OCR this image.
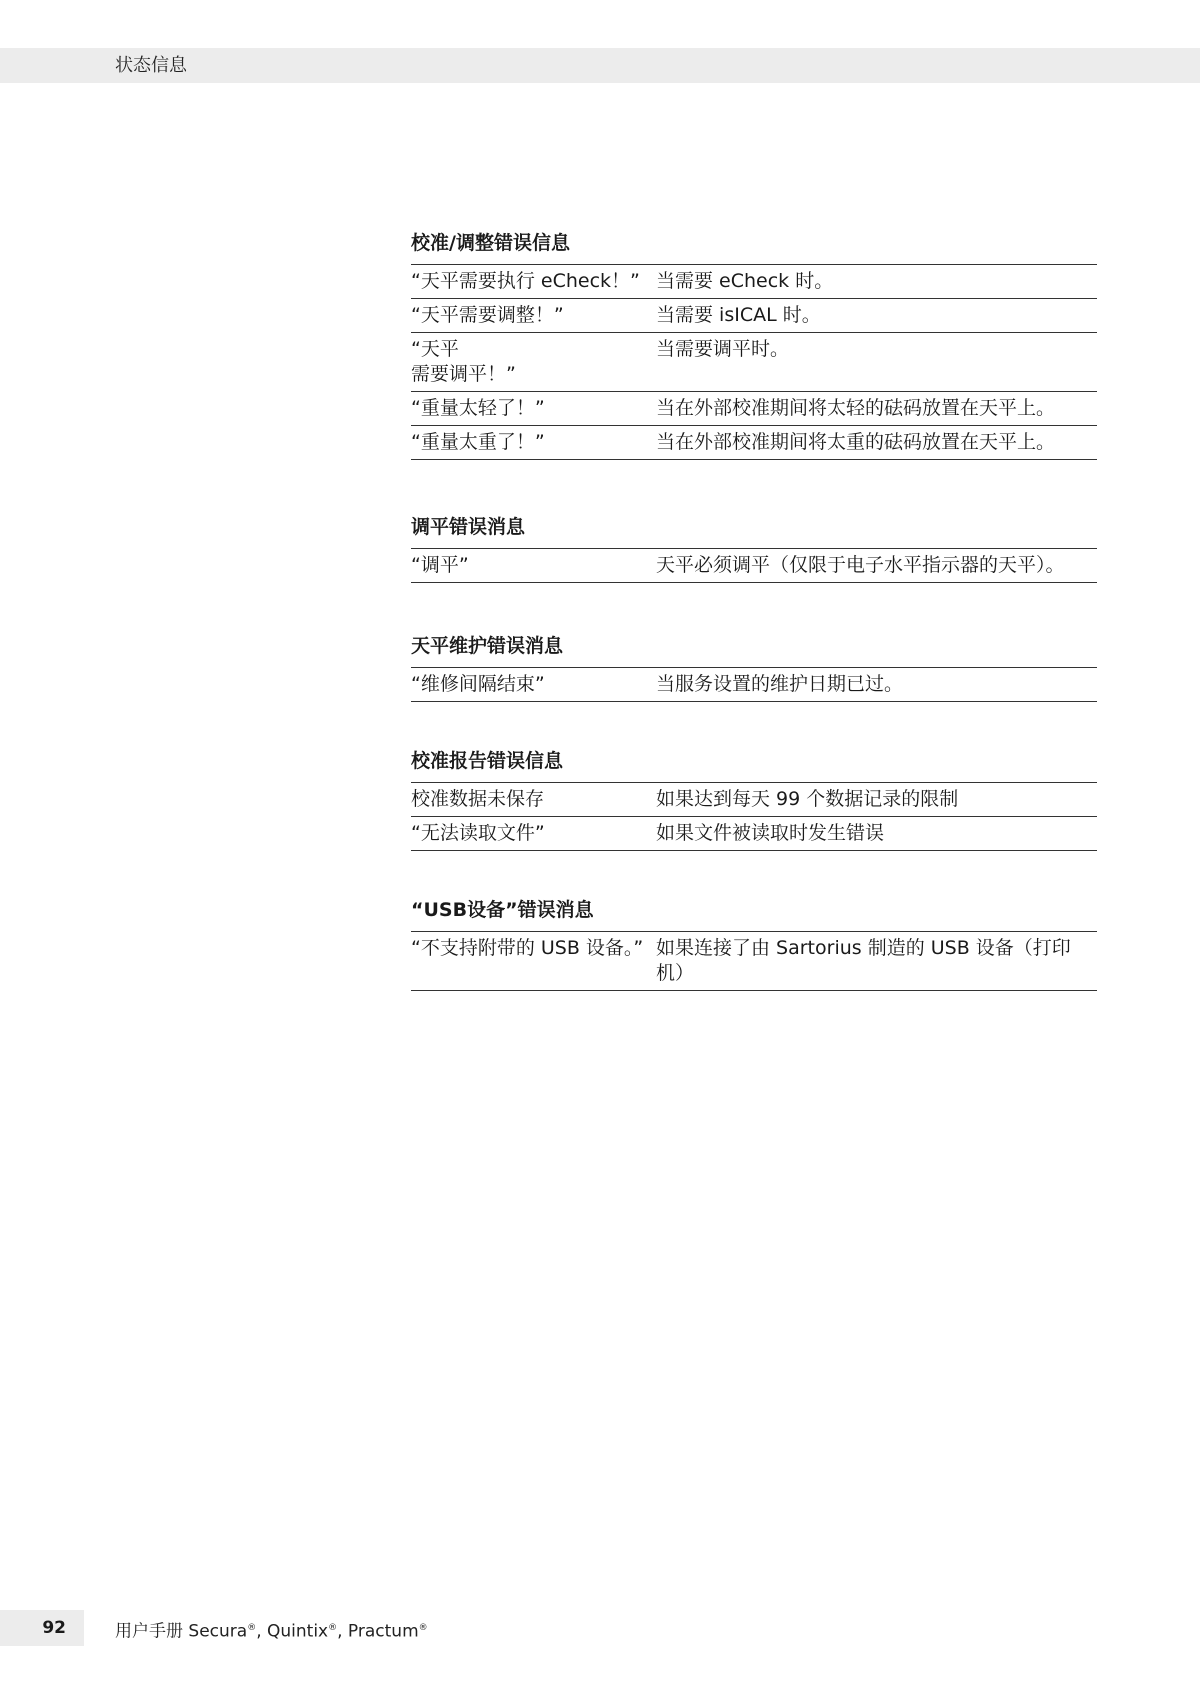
状态信息
校准/调整错误信息
“天平需要执行 eCheck！”	当需要 eCheck 时。
“天平需要调整！”	当需要 isICAL 时。
“天平
需要调平！”	当需要调平时。
“重量太轻了！”	当在外部校准期间将太轻的砝码放置在天平上。
“重量太重了！”	当在外部校准期间将太重的砝码放置在天平上。
调平错误消息
“调平”	天平必须调平（仅限于电子水平指示器的天平）。
天平维护错误消息
“维修间隔结束”	当服务设置的维护日期已过。
校准报告错误信息
校准数据未保存	如果达到每天 99 个数据记录的限制
“无法读取文件”	如果文件被读取时发生错误
“USB设备”错误消息
“不支持附带的 USB 设备。”	如果连接了由 Sartorius 制造的 USB 设备（打印机）
92	用户手册 Secura®, Quintix®, Practum®
